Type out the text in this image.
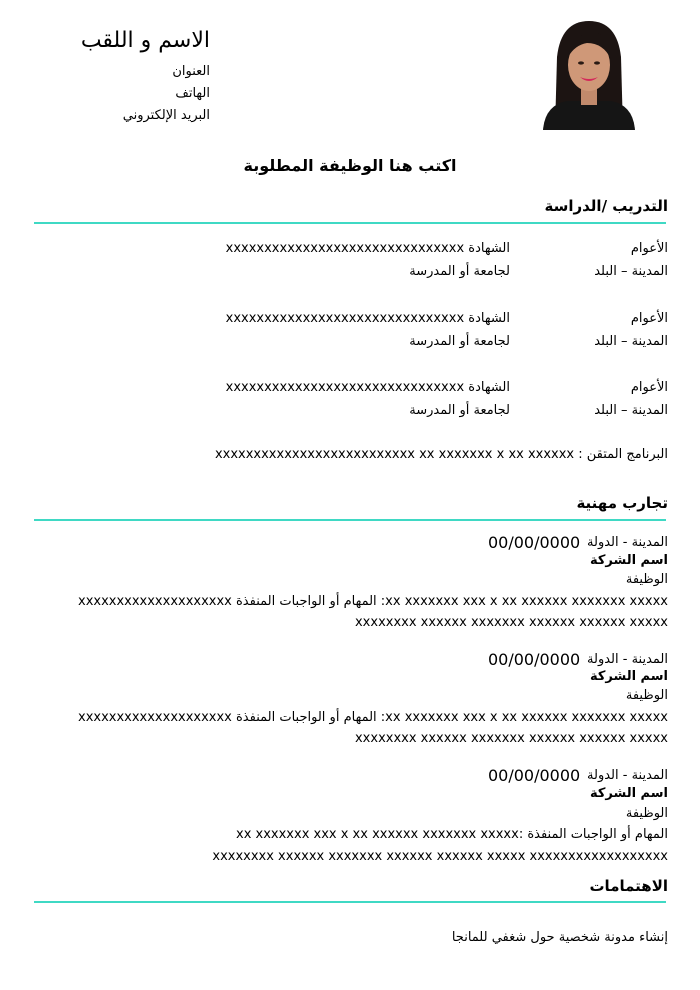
الاسم و اللقب
العنوان
الهاتف
البريد الإلكتروني
اكتب هنا الوظيفة المطلوبة
التدريب /الدراسة
الأعوام
الشهادة xxxxxxxxxxxxxxxxxxxxxxxxxxxxxxx
المدينة – البلد
لجامعة أو المدرسة
الأعوام
الشهادة xxxxxxxxxxxxxxxxxxxxxxxxxxxxxxx
المدينة – البلد
لجامعة أو المدرسة
الأعوام
الشهادة xxxxxxxxxxxxxxxxxxxxxxxxxxxxxxx
المدينة – البلد
لجامعة أو المدرسة
البرنامج المتقن : xxxxxxxxxxxxxxxxxxxxxxxxxx xx xxxxxxx x xx xxxxxx
تجارب مهنية
المدينة - الدولة
00/00/0000
اسم الشركة
الوظيفة
xxxxxxxxxxxxxxxxxxxx المهام أو الواجبات المنفذة :xx xxxxxxx xxx x xx xxxxxx xxxxxxx xxxxx
xxxxxxxx xxxxxx xxxxxxx xxxxxx xxxxxx xxxxx
المدينة - الدولة
00/00/0000
اسم الشركة
الوظيفة
xxxxxxxxxxxxxxxxxxxx المهام أو الواجبات المنفذة :xx xxxxxxx xxx x xx xxxxxx xxxxxxx xxxxx
xxxxxxxx xxxxxx xxxxxxx xxxxxx xxxxxx xxxxx
المدينة - الدولة
00/00/0000
اسم الشركة
الوظيفة
المهام أو الواجبات المنفذة :xx xxxxxxx xxx x xx xxxxxx xxxxxxx xxxxx
xxxxxxxx xxxxxx xxxxxxx xxxxxx xxxxxx xxxxx xxxxxxxxxxxxxxxxxx
الاهتمامات
إنشاء مدونة شخصية حول شغفي للمانجا
